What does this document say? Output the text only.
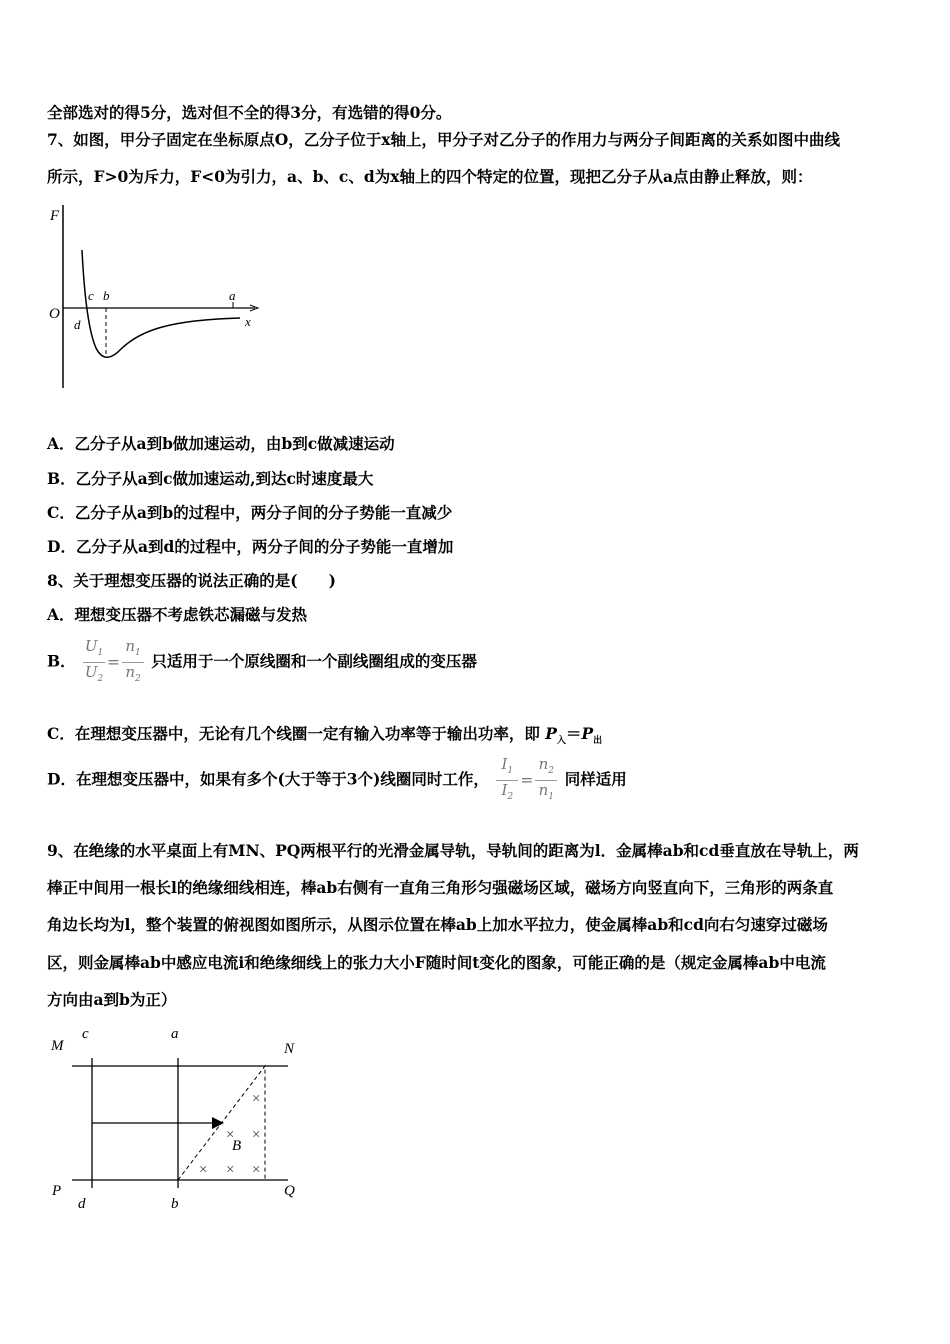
全部选对的得5分，选对但不全的得3分，有选错的得0分。
7、如图，甲分子固定在坐标原点O，乙分子位于x轴上，甲分子对乙分子的作用力与两分子间距离的关系如图中曲线
所示，F>0为斥力，F<0为引力，a、b、c、d为x轴上的四个特定的位置，现把乙分子从a点由静止释放，则：
F
O
c b	a
d	x
A．乙分子从a到b做加速运动，由b到c做减速运动
B．乙分子从a到c做加速运动,到达c时速度最大
C．乙分子从a到b的过程中，两分子间的分子势能一直减少
D．乙分子从a到d的过程中，两分子间的分子势能一直增加
8、关于理想变压器的说法正确的是(　　)
A．理想变压器不考虑铁芯漏磁与发热
B． $\frac{U_1}{U_2} = \frac{n_1}{n_2}$ 只适用于一个原线圈和一个副线圈组成的变压器
C．在理想变压器中，无论有几个线圈一定有输入功率等于输出功率，即 $P_入=P_出$
D．在理想变压器中，如果有多个(大于等于3个)线圈同时工作， $\frac{I_1}{I_2} = \frac{n_2}{n_1}$ 同样适用
9、在绝缘的水平桌面上有MN、PQ两根平行的光滑金属导轨，导轨间的距离为l．金属棒ab和cd垂直放在导轨上，两
棒正中间用一根长l的绝缘细线相连，棒ab右侧有一直角三角形匀强磁场区域，磁场方向竖直向下，三角形的两条直
角边长均为l，整个装置的俯视图如图所示，从图示位置在棒ab上加水平拉力，使金属棒ab和cd向右匀速穿过磁场
区，则金属棒ab中感应电流i和绝缘细线上的张力大小F随时间t变化的图象，可能正确的是（规定金属棒ab中电流
方向由a到b为正）
×
× ×
× × ×
M
c	a
N
P
d	b
Q
B
